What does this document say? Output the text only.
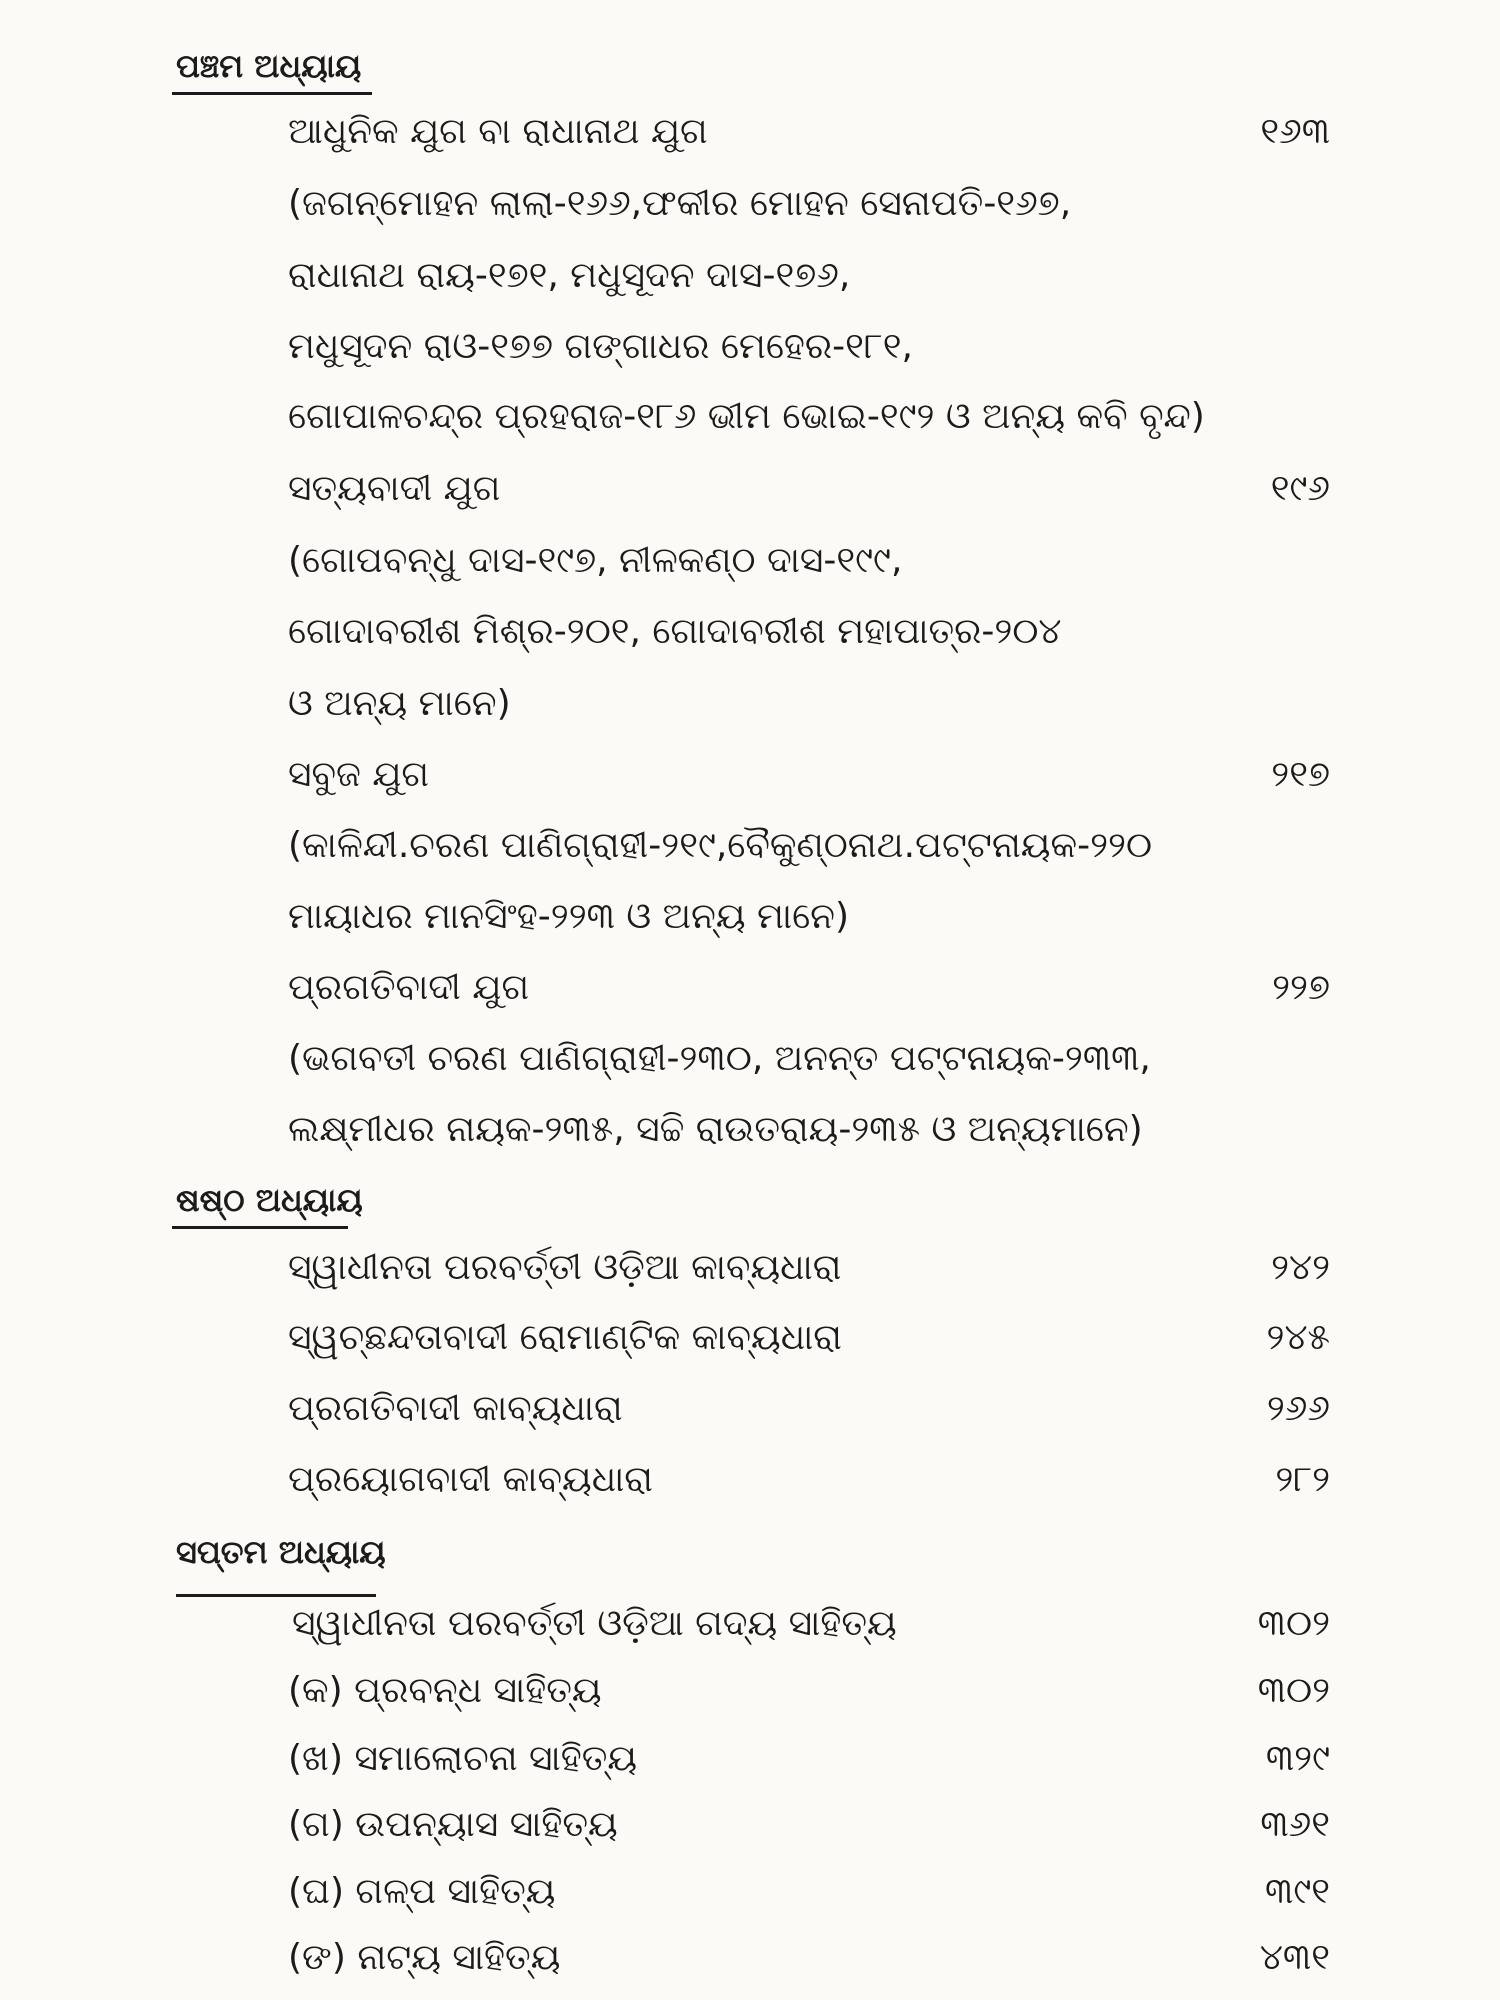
ପଞ୍ଚମ ଅଧ୍ୟାୟ
ଆଧୁନିକ ଯୁଗ ବା ରାଧାନାଥ ଯୁଗ	୧୬୩
(ଜଗନ୍ମୋହନ ଲାଲା-୧୬୬,ଫକୀର ମୋହନ ସେନାପତି-୧୬୭,
ରାଧାନାଥ ରାୟ-୧୭୧, ମଧୁସୂଦନ ଦାସ-୧୭୬,
ମଧୁସୂଦନ ରାଓ-୧୭୭ ଗଙ୍ଗାଧର ମେହେର-୧୮୧,
ଗୋପାଳଚନ୍ଦ୍ର ପ୍ରହରାଜ-୧୮୬ ଭୀମ ଭୋଇ-୧୯୨ ଓ ଅନ୍ୟ କବି ବୃନ୍ଦ)
ସତ୍ୟବାଦୀ ଯୁଗ	୧୯୬
(ଗୋପବନ୍ଧୁ ଦାସ-୧୯୭, ନୀଳକଣ୍ଠ ଦାସ-୧୯୯,
ଗୋଦାବରୀଶ ମିଶ୍ର-୨୦୧, ଗୋଦାବରୀଶ ମହାପାତ୍ର-୨୦୪
ଓ ଅନ୍ୟ ମାନେ)
ସବୁଜ ଯୁଗ	୨୧୭
(କାଳିନ୍ଦୀ.ଚରଣ ପାଣିଗ୍ରାହୀ-୨୧୯,ବୈକୁଣ୍ଠନାଥ.ପଟ୍ଟନାୟକ-୨୨୦
ମାୟାଧର ମାନସିଂହ-୨୨୩ ଓ ଅନ୍ୟ ମାନେ)
ପ୍ରଗତିବାଦୀ ଯୁଗ	୨୨୭
(ଭଗବତୀ ଚରଣ ପାଣିଗ୍ରାହୀ-୨୩୦, ଅନନ୍ତ ପଟ୍ଟନାୟକ-୨୩୩,
ଲକ୍ଷ୍ମୀଧର ନାୟକ-୨୩୫, ସଚ୍ଚି ରାଉତରାୟ-୨୩୫ ଓ ଅନ୍ୟମାନେ)
ଷଷ୍ଠ ଅଧ୍ୟାୟ
ସ୍ୱାଧୀନତା ପରବର୍ତ୍ତୀ ଓଡ଼ିଆ କାବ୍ୟଧାରା	୨୪୨
ସ୍ୱଚ୍ଛନ୍ଦତାବାଦୀ ରୋମାଣ୍ଟିକ କାବ୍ୟଧାରା	୨୪୫
ପ୍ରଗତିବାଦୀ କାବ୍ୟଧାରା	୨୬୬
ପ୍ରୟୋଗବାଦୀ କାବ୍ୟଧାରା	୨୮୨
ସପ୍ତମ ଅଧ୍ୟାୟ
ସ୍ୱାଧୀନତା ପରବର୍ତ୍ତୀ ଓଡ଼ିଆ ଗଦ୍ୟ ସାହିତ୍ୟ	୩୦୨
(କ) ପ୍ରବନ୍ଧ ସାହିତ୍ୟ	୩୦୨
(ଖ) ସମାଲୋଚନା ସାହିତ୍ୟ	୩୨୯
(ଗ) ଉପନ୍ୟାସ ସାହିତ୍ୟ	୩୬୧
(ଘ) ଗଳ୍ପ ସାହିତ୍ୟ	୩୯୧
(ଙ) ନାଟ୍ୟ ସାହିତ୍ୟ	୪୩୧
